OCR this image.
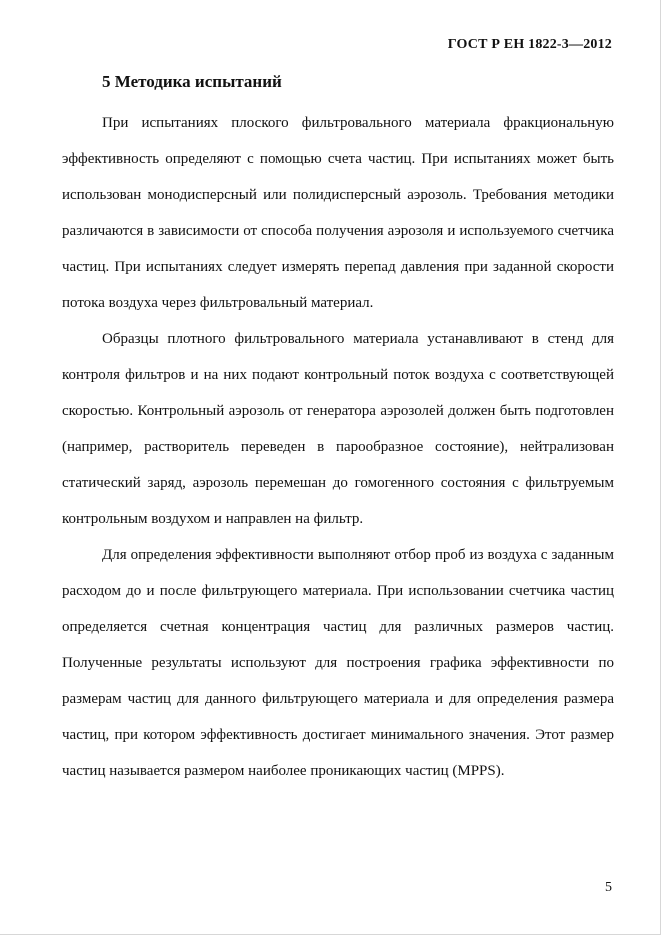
ГОСТ Р ЕН 1822-3—2012
5 Методика испытаний

При испытаниях плоского фильтровального материала фракциональную эффективность определяют с помощью счета частиц. При испытаниях может быть использован монодисперсный или полидисперсный аэрозоль. Требования методики различаются в зависимости от способа получения аэрозоля и используемого счетчика частиц. При испытаниях следует измерять перепад давления при заданной скорости потока воздуха через фильтровальный материал.

Образцы плотного фильтровального материала устанавливают в стенд для контроля фильтров и на них подают контрольный поток воздуха с соответствующей скоростью. Контрольный аэрозоль от генератора аэрозолей должен быть подготовлен (например, растворитель переведен в парообразное состояние), нейтрализован статический заряд, аэрозоль перемешан до гомогенного состояния с фильтруемым контрольным воздухом и направлен на фильтр.

Для определения эффективности выполняют отбор проб из воздуха с заданным расходом до и после фильтрующего материала. При использовании счетчика частиц определяется счетная концентрация частиц для различных размеров частиц. Полученные результаты используют для построения графика эффективности по размерам частиц для данного фильтрующего материала и для определения размера частиц, при котором эффективность достигает минимального значения. Этот размер частиц называется размером наиболее проникающих частиц (MPPS).

5
